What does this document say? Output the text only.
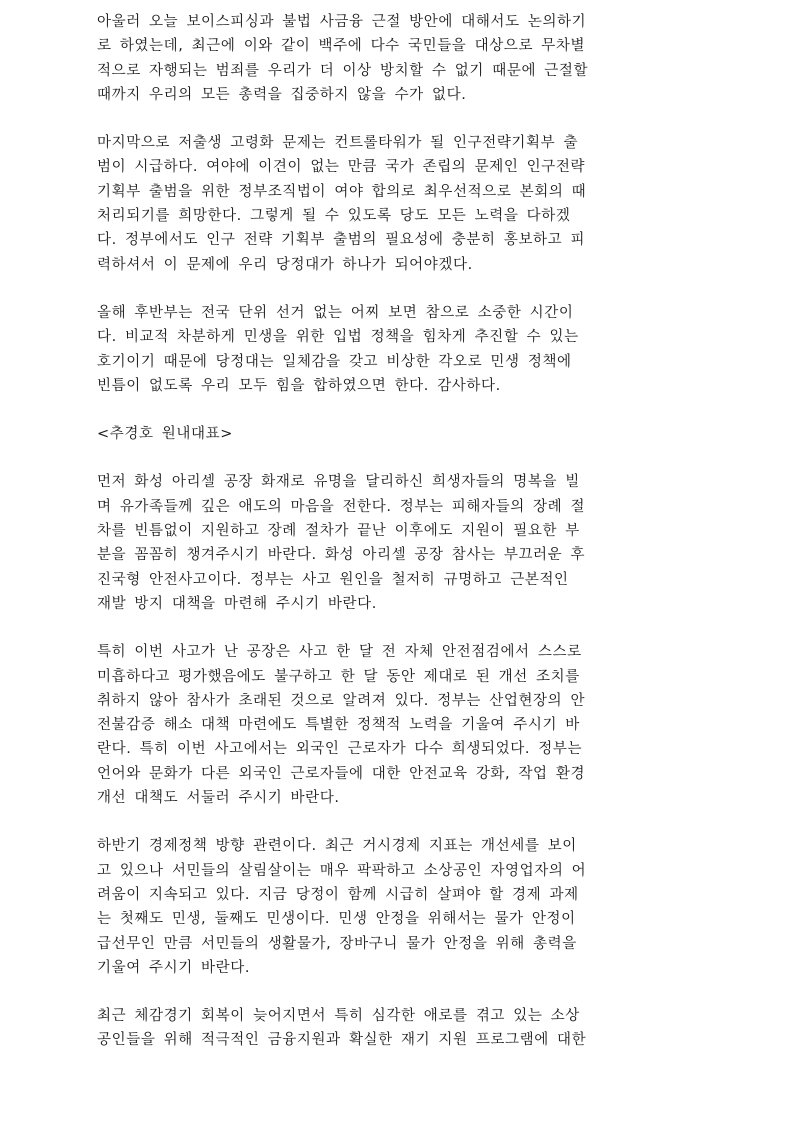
아울러 오늘 보이스피싱과 불법 사금융 근절 방안에 대해서도 논의하기
로 하였는데, 최근에 이와 같이 백주에 다수 국민들을 대상으로 무차별
적으로 자행되는 범죄를 우리가 더 이상 방치할 수 없기 때문에 근절할
때까지 우리의 모든 총력을 집중하지 않을 수가 없다.
마지막으로 저출생 고령화 문제는 컨트롤타워가 될 인구전략기획부 출
범이 시급하다. 여야에 이견이 없는 만큼 국가 존립의 문제인 인구전략
기획부 출범을 위한 정부조직법이 여야 합의로 최우선적으로 본회의 때
처리되기를 희망한다. 그렇게 될 수 있도록 당도 모든 노력을 다하겠
다. 정부에서도 인구 전략 기획부 출범의 필요성에 충분히 홍보하고 피
력하셔서 이 문제에 우리 당정대가 하나가 되어야겠다.
올해 후반부는 전국 단위 선거 없는 어찌 보면 참으로 소중한 시간이
다. 비교적 차분하게 민생을 위한 입법 정책을 힘차게 추진할 수 있는
호기이기 때문에 당정대는 일체감을 갖고 비상한 각오로 민생 정책에
빈틈이 없도록 우리 모두 힘을 합하였으면 한다. 감사하다.
<추경호 원내대표>
먼저 화성 아리셀 공장 화재로 유명을 달리하신 희생자들의 명복을 빌
며 유가족들께 깊은 애도의 마음을 전한다. 정부는 피해자들의 장례 절
차를 빈틈없이 지원하고 장례 절차가 끝난 이후에도 지원이 필요한 부
분을 꼼꼼히 챙겨주시기 바란다. 화성 아리셀 공장 참사는 부끄러운 후
진국형 안전사고이다. 정부는 사고 원인을 철저히 규명하고 근본적인
재발 방지 대책을 마련해 주시기 바란다.
특히 이번 사고가 난 공장은 사고 한 달 전 자체 안전점검에서 스스로
미흡하다고 평가했음에도 불구하고 한 달 동안 제대로 된 개선 조치를
취하지 않아 참사가 초래된 것으로 알려져 있다. 정부는 산업현장의 안
전불감증 해소 대책 마련에도 특별한 정책적 노력을 기울여 주시기 바
란다. 특히 이번 사고에서는 외국인 근로자가 다수 희생되었다. 정부는
언어와 문화가 다른 외국인 근로자들에 대한 안전교육 강화, 작업 환경
개선 대책도 서둘러 주시기 바란다.
하반기 경제정책 방향 관련이다. 최근 거시경제 지표는 개선세를 보이
고 있으나 서민들의 살림살이는 매우 팍팍하고 소상공인 자영업자의 어
려움이 지속되고 있다. 지금 당정이 함께 시급히 살펴야 할 경제 과제
는 첫째도 민생, 둘째도 민생이다. 민생 안정을 위해서는 물가 안정이
급선무인 만큼 서민들의 생활물가, 장바구니 물가 안정을 위해 총력을
기울여 주시기 바란다.
최근 체감경기 회복이 늦어지면서 특히 심각한 애로를 겪고 있는 소상
공인들을 위해 적극적인 금융지원과 확실한 재기 지원 프로그램에 대한
